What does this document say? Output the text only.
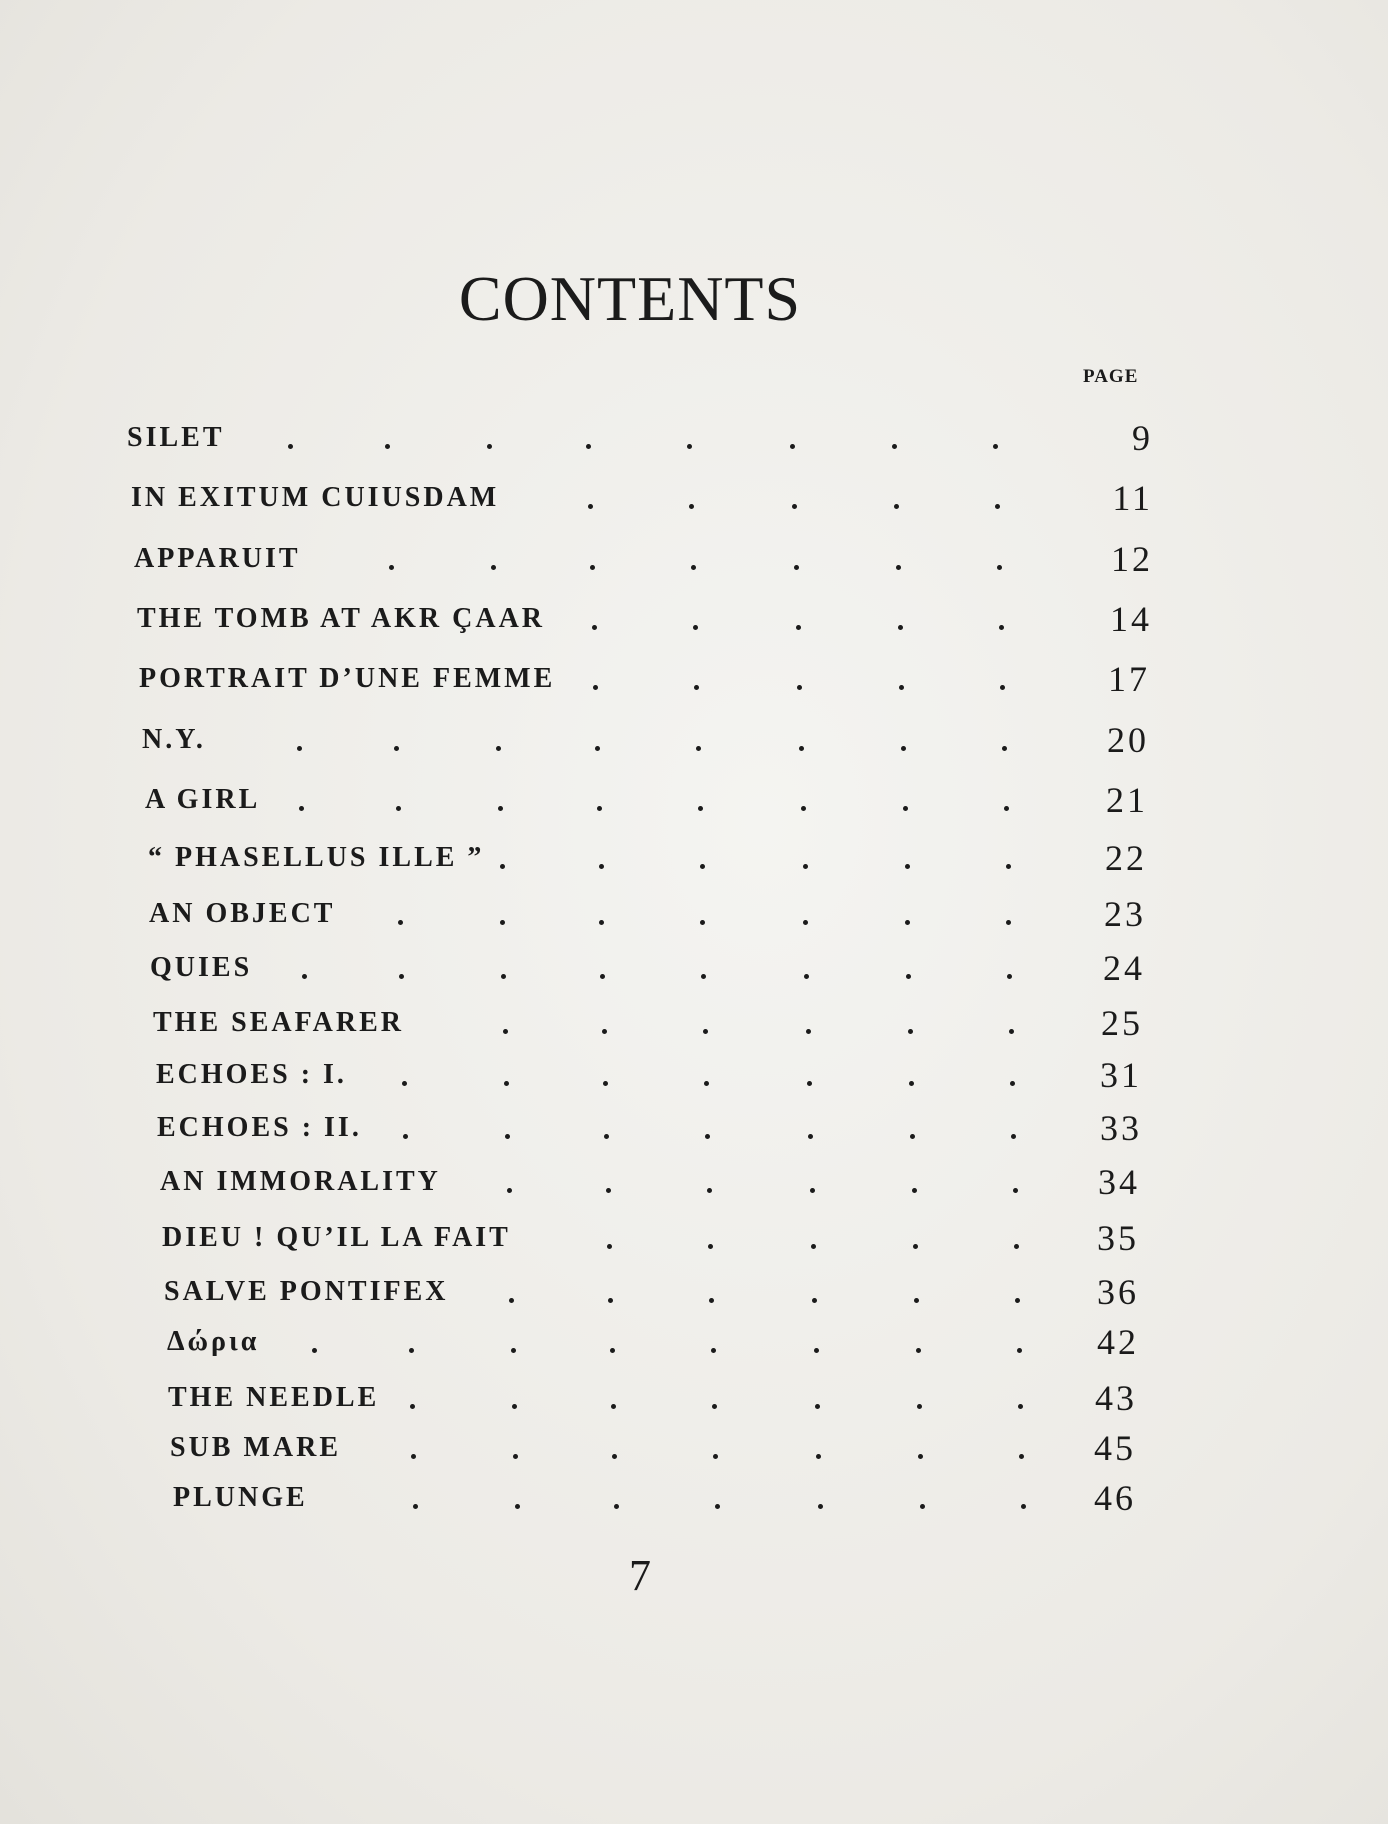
CONTENTS
PAGE
SILET	9
IN EXITUM CUIUSDAM	11
APPARUIT	12
THE TOMB AT AKR ÇAAR	14
PORTRAIT D’UNE FEMME	17
N.Y.	20
A GIRL	21
“ PHASELLUS ILLE ”	22
AN OBJECT	23
QUIES	24
THE SEAFARER	25
ECHOES : I.	31
ECHOES : II.	33
AN IMMORALITY	34
DIEU ! QU’IL LA FAIT	35
SALVE PONTIFEX	36
Δώρια	42
THE NEEDLE	43
SUB MARE	45
PLUNGE	46
7
